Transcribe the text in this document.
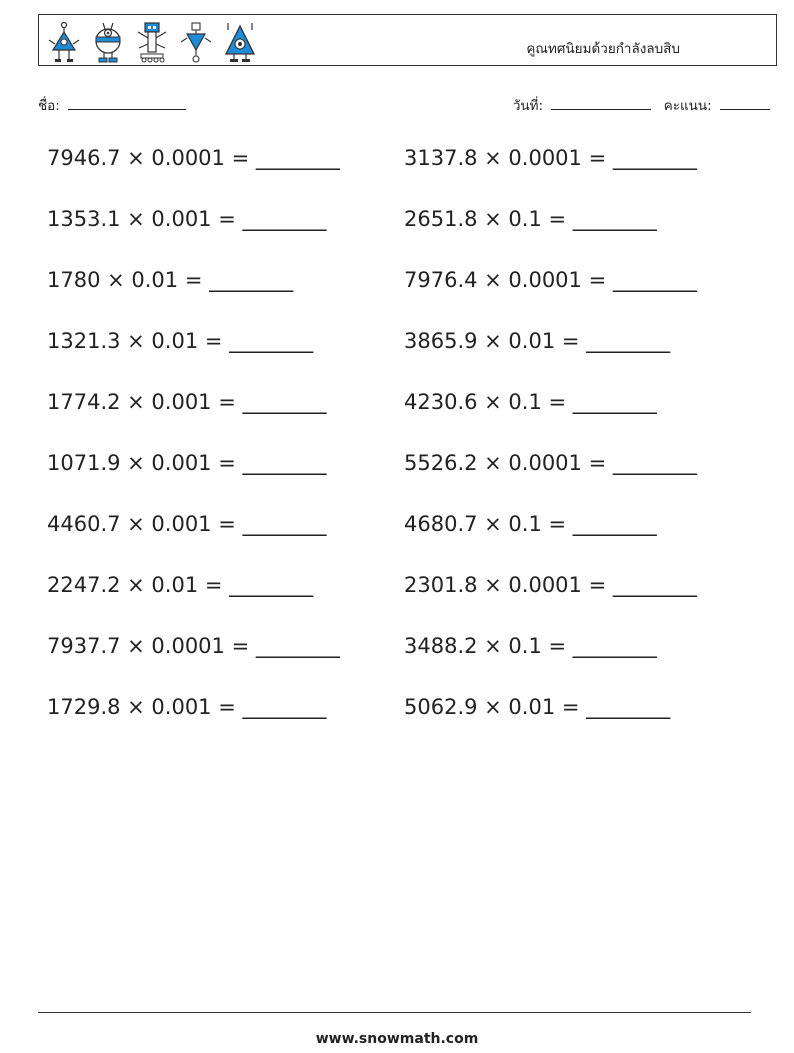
คูณทศนิยมด้วยกำลังลบสิบ
ชื่อ:	วันที่:	คะแนน:
7946.7 × 0.0001 = ________	3137.8 × 0.0001 = ________
1353.1 × 0.001 = ________	2651.8 × 0.1 = ________
1780 × 0.01 = ________	7976.4 × 0.0001 = ________
1321.3 × 0.01 = ________	3865.9 × 0.01 = ________
1774.2 × 0.001 = ________	4230.6 × 0.1 = ________
1071.9 × 0.001 = ________	5526.2 × 0.0001 = ________
4460.7 × 0.001 = ________	4680.7 × 0.1 = ________
2247.2 × 0.01 = ________	2301.8 × 0.0001 = ________
7937.7 × 0.0001 = ________	3488.2 × 0.1 = ________
1729.8 × 0.001 = ________	5062.9 × 0.01 = ________
www.snowmath.com
